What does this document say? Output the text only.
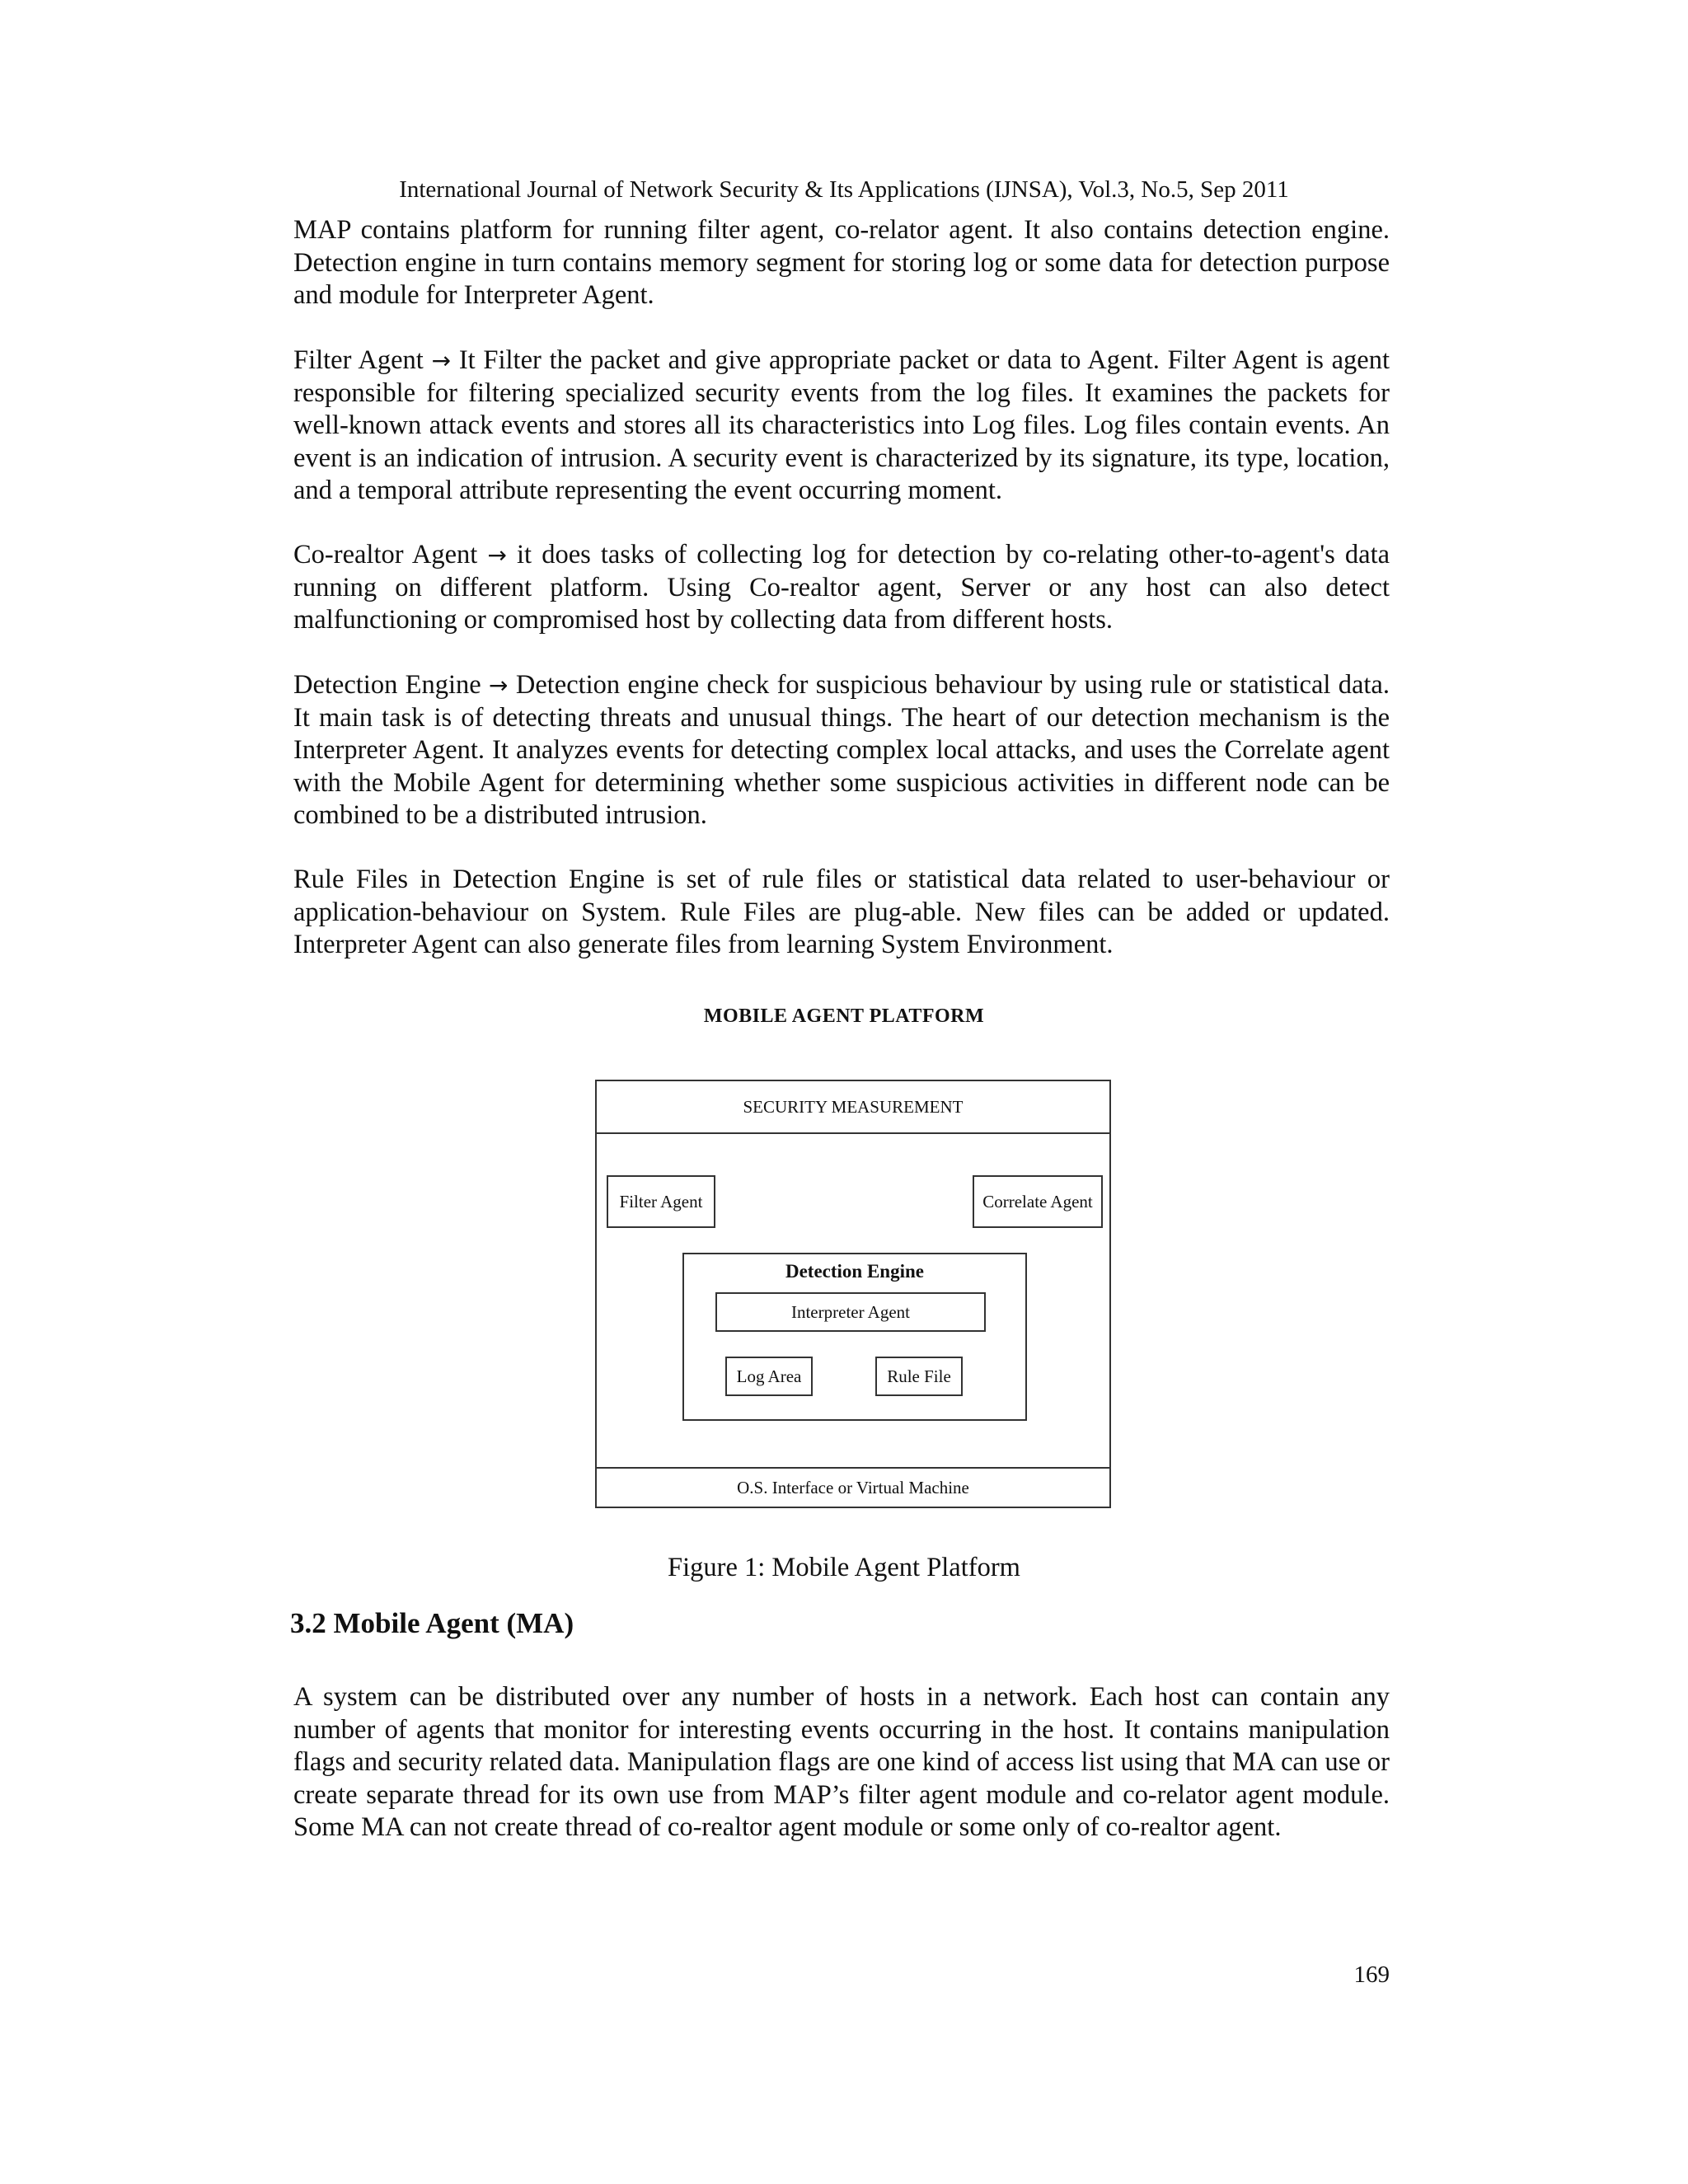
International Journal of Network Security & Its Applications (IJNSA), Vol.3, No.5, Sep 2011

MAP contains platform for running filter agent, co-relator agent. It also contains detection engine. Detection engine in turn contains memory segment for storing log or some data for detection purpose and module for Interpreter Agent.

Filter Agent → It Filter the packet and give appropriate packet or data to Agent. Filter Agent is agent responsible for filtering specialized security events from the log files. It examines the packets for well-known attack events and stores all its characteristics into Log files. Log files contain events. An event is an indication of intrusion. A security event is characterized by its signature, its type, location, and a temporal attribute representing the event occurring moment.

Co-realtor Agent → it does tasks of collecting log for detection by co-relating other-to-agent's data running on different platform. Using Co-realtor agent, Server or any host can also detect malfunctioning or compromised host by collecting data from different hosts.

Detection Engine → Detection engine check for suspicious behaviour by using rule or statistical data. It main task is of detecting threats and unusual things. The heart of our detection mechanism is the Interpreter Agent. It analyzes events for detecting complex local attacks, and uses the Correlate agent with the Mobile Agent for determining whether some suspicious activities in different node can be combined to be a distributed intrusion.

Rule Files in Detection Engine is set of rule files or statistical data related to user-behaviour or application-behaviour on System. Rule Files are plug-able. New files can be added or updated. Interpreter Agent can also generate files from learning System Environment.

MOBILE AGENT PLATFORM
SECURITY MEASUREMENT
Filter Agent	Correlate Agent
Detection Engine
Interpreter Agent
Log Area	Rule File
O.S. Interface or Virtual Machine
Figure 1: Mobile Agent Platform
3.2 Mobile Agent (MA)

A system can be distributed over any number of hosts in a network. Each host can contain any number of agents that monitor for interesting events occurring in the host. It contains manipulation flags and security related data. Manipulation flags are one kind of access list using that MA can use or create separate thread for its own use from MAP’s filter agent module and co-relator agent module. Some MA can not create thread of co-realtor agent module or some only of co-realtor agent.

169
